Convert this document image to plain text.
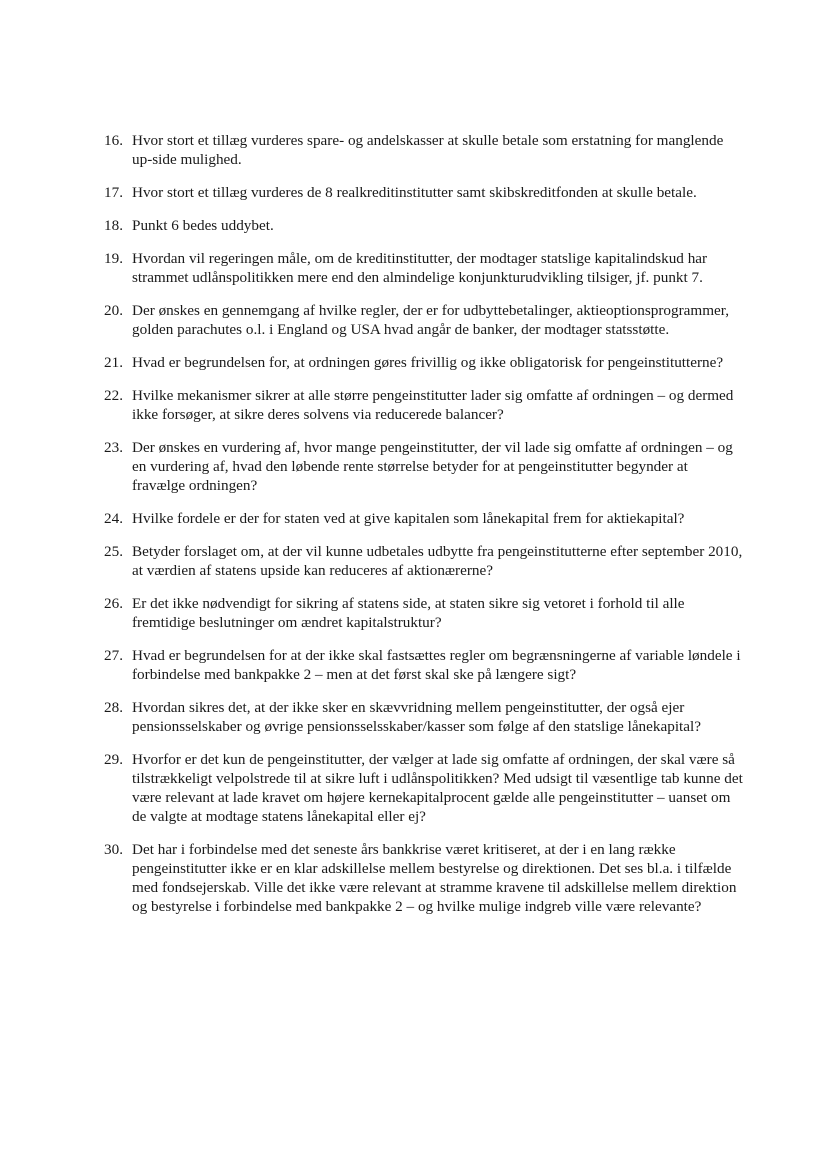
16. Hvor stort et tillæg vurderes spare- og andelskasser at skulle betale som erstatning for manglende up-side mulighed.
17. Hvor stort et tillæg vurderes de 8 realkreditinstitutter samt skibskreditfonden at skulle betale.
18. Punkt 6 bedes uddybet.
19. Hvordan vil regeringen måle, om de kreditinstitutter, der modtager statslige kapitalindskud har strammet udlånspolitikken mere end den almindelige konjunkturudvikling tilsiger, jf. punkt 7.
20. Der ønskes en gennemgang af hvilke regler, der er for udbyttebetalinger, aktieoptionsprogrammer, golden parachutes o.l. i England og USA hvad angår de banker, der modtager statsstøtte.
21. Hvad er begrundelsen for, at ordningen gøres frivillig og ikke obligatorisk for pengeinstitutterne?
22. Hvilke mekanismer sikrer at alle større pengeinstitutter lader sig omfatte af ordningen – og dermed ikke forsøger, at sikre deres solvens via reducerede balancer?
23. Der ønskes en vurdering af, hvor mange pengeinstitutter, der vil lade sig omfatte af ordningen – og en vurdering af, hvad den løbende rente størrelse betyder for at pengeinstitutter begynder at fravælge ordningen?
24. Hvilke fordele er der for staten ved at give kapitalen som lånekapital frem for aktiekapital?
25. Betyder forslaget om, at der vil kunne udbetales udbytte fra pengeinstitutterne efter september 2010, at værdien af statens upside kan reduceres af aktionærerne?
26. Er det ikke nødvendigt for sikring af statens side, at staten sikre sig vetoret i forhold til alle fremtidige beslutninger om ændret kapitalstruktur?
27. Hvad er begrundelsen for at der ikke skal fastsættes regler om begrænsningerne af variable løndele i forbindelse med bankpakke 2 – men at det først skal ske på længere sigt?
28. Hvordan sikres det, at der ikke sker en skævvridning mellem pengeinstitutter, der også ejer pensionsselskaber og øvrige pensionsselsskaber/kasser som følge af den statslige lånekapital?
29. Hvorfor er det kun de pengeinstitutter, der vælger at lade sig omfatte af ordningen, der skal være så tilstrækkeligt velpolstrede til at sikre luft i udlånspolitikken? Med udsigt til væsentlige tab kunne det være relevant at lade kravet om højere kernekapitalprocent gælde alle pengeinstitutter – uanset om de valgte at modtage statens lånekapital eller ej?
30. Det har i forbindelse med det seneste års bankkrise været kritiseret, at der i en lang række pengeinstitutter ikke er en klar adskillelse mellem bestyrelse og direktionen. Det ses bl.a. i tilfælde med fondsejerskab. Ville det ikke være relevant at stramme kravene til adskillelse mellem direktion og bestyrelse i forbindelse med bankpakke 2 – og hvilke mulige indgreb ville være relevante?
